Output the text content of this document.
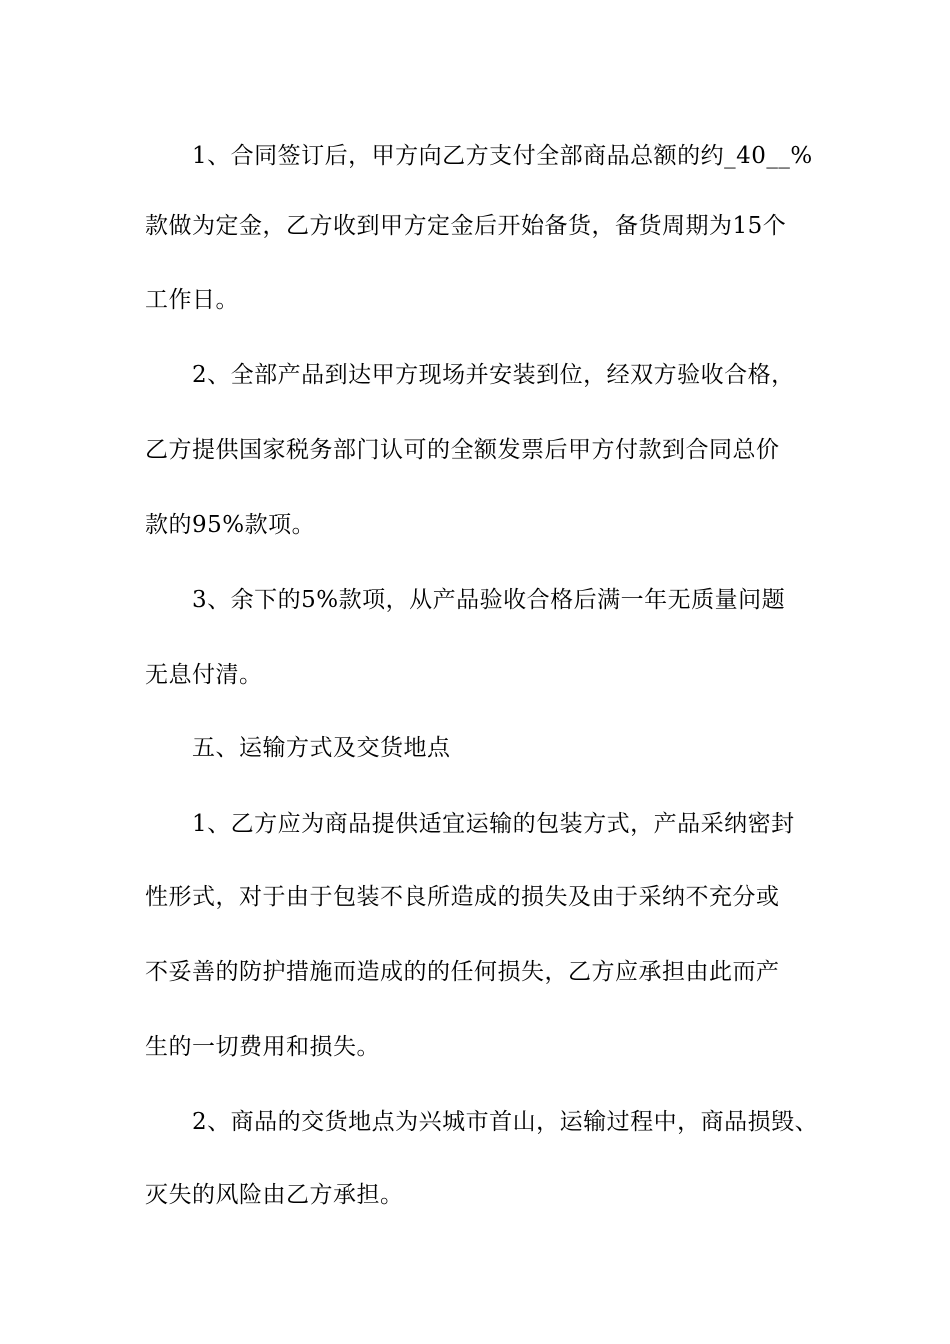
1、合同签订后，甲方向乙方支付全部商品总额的约_40__%
款做为定金，乙方收到甲方定金后开始备货，备货周期为15个
工作日。
2、全部产品到达甲方现场并安装到位，经双方验收合格，
乙方提供国家税务部门认可的全额发票后甲方付款到合同总价
款的95%款项。
3、余下的5%款项，从产品验收合格后满一年无质量问题
无息付清。
五、运输方式及交货地点
1、乙方应为商品提供适宜运输的包装方式，产品采纳密封
性形式，对于由于包装不良所造成的损失及由于采纳不充分或
不妥善的防护措施而造成的的任何损失，乙方应承担由此而产
生的一切费用和损失。
2、商品的交货地点为兴城市首山，运输过程中，商品损毁、
灭失的风险由乙方承担。
